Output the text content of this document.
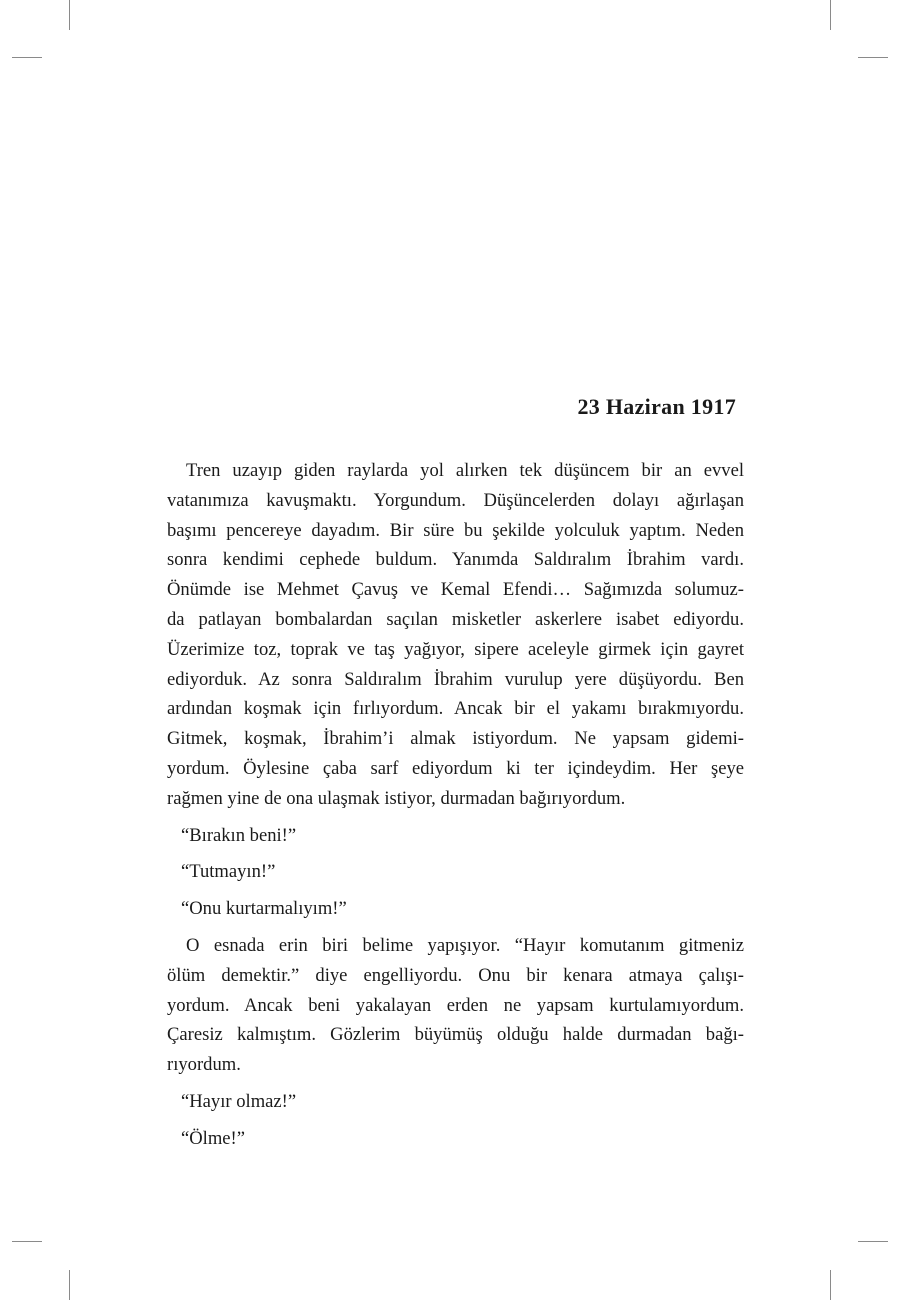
23 Haziran 1917

Tren uzayıp giden raylarda yol alırken tek düşüncem bir an evvel
vatanımıza kavuşmaktı. Yorgundum. Düşüncelerden dolayı ağırlaşan
başımı pencereye dayadım. Bir süre bu şekilde yolculuk yaptım. Neden
sonra kendimi cephede buldum. Yanımda Saldıralım İbrahim vardı.
Önümde ise Mehmet Çavuş ve Kemal Efendi… Sağımızda solumuz-
da patlayan bombalardan saçılan misketler askerlere isabet ediyordu.
Üzerimize toz, toprak ve taş yağıyor, sipere aceleyle girmek için gayret
ediyorduk. Az sonra Saldıralım İbrahim vurulup yere düşüyordu. Ben
ardından koşmak için fırlıyordum. Ancak bir el yakamı bırakmıyordu.
Gitmek, koşmak, İbrahim’i almak istiyordum. Ne yapsam gidemi-
yordum. Öylesine çaba sarf ediyordum ki ter içindeydim. Her şeye
rağmen yine de ona ulaşmak istiyor, durmadan bağırıyordum.

“Bırakın beni!”

“Tutmayın!”

“Onu kurtarmalıyım!”

O esnada erin biri belime yapışıyor. “Hayır komutanım gitmeniz
ölüm demektir.” diye engelliyordu. Onu bir kenara atmaya çalışı-
yordum. Ancak beni yakalayan erden ne yapsam kurtulamıyordum.
Çaresiz kalmıştım. Gözlerim büyümüş olduğu halde durmadan bağı-
rıyordum.

“Hayır olmaz!”

“Ölme!”
